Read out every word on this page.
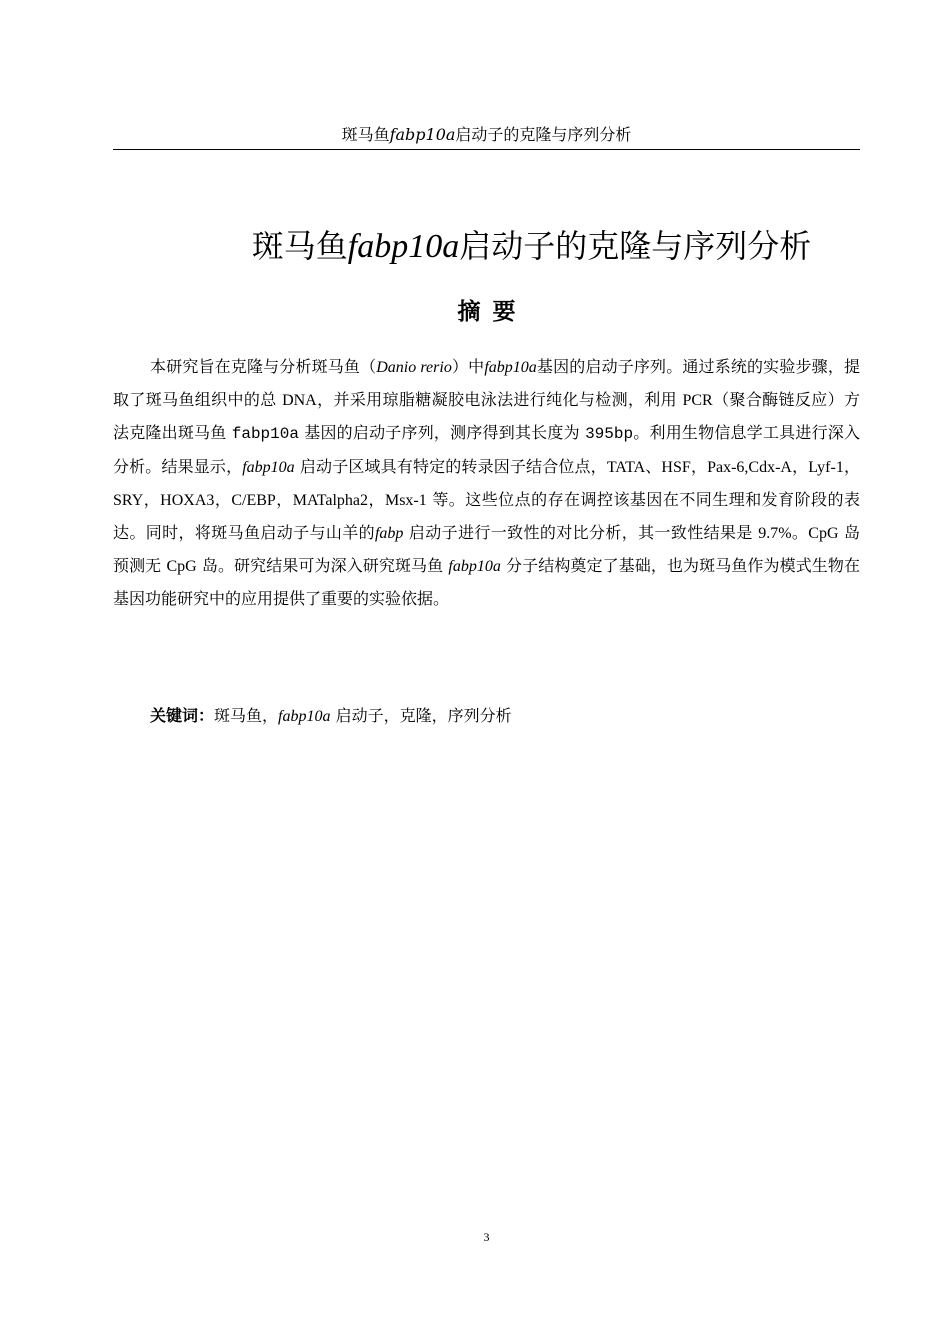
斑马鱼fabp10a启动子的克隆与序列分析
斑马鱼fabp10a启动子的克隆与序列分析
摘要

本研究旨在克隆与分析斑马鱼（Danio rerio）中fabp10a基因的启动子序列。通过系统的实验步骤，提取了斑马鱼组织中的总 DNA，并采用琼脂糖凝胶电泳法进行纯化与检测，利用 PCR（聚合酶链反应）方法克隆出斑马鱼 fabp10a 基因的启动子序列，测序得到其长度为 395bp。利用生物信息学工具进行深入分析。结果显示，fabp10a 启动子区域具有特定的转录因子结合位点，TATA、HSF，Pax-6,Cdx-A，Lyf-1，SRY，HOXA3，C/EBP，MATalpha2，Msx-1 等。这些位点的存在调控该基因在不同生理和发育阶段的表达。同时，将斑马鱼启动子与山羊的fabp 启动子进行一致性的对比分析，其一致性结果是 9.7%。CpG 岛预测无 CpG 岛。研究结果可为深入研究斑马鱼 fabp10a 分子结构奠定了基础，也为斑马鱼作为模式生物在基因功能研究中的应用提供了重要的实验依据。

关键词：斑马鱼，fabp10a 启动子，克隆，序列分析
3
